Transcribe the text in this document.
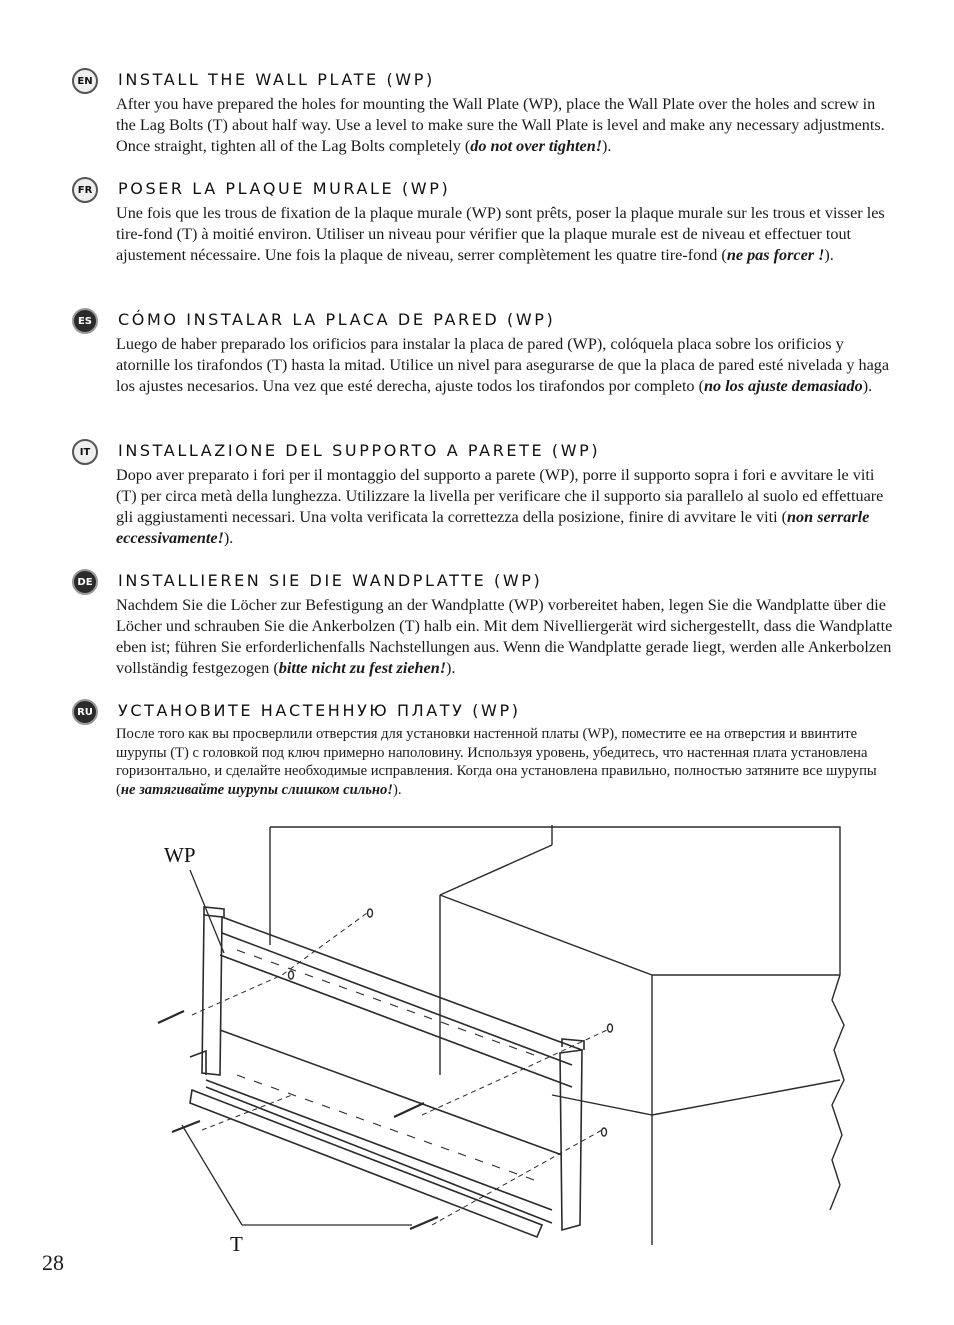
EN	INSTALL THE WALL PLATE (WP)
After you have prepared the holes for mounting the Wall Plate (WP), place the Wall Plate over the holes and screw in the Lag Bolts (T) about half way. Use a level to make sure the Wall Plate is level and make any necessary adjustments. Once straight, tighten all of the Lag Bolts completely (do not over tighten!).
FR	POSER LA PLAQUE MURALE (WP)
Une fois que les trous de fixation de la plaque murale (WP) sont prêts, poser la plaque murale sur les trous et visser les tire-fond (T) à moitié environ. Utiliser un niveau pour vérifier que la plaque murale est de niveau et effectuer tout ajustement nécessaire. Une fois la plaque de niveau, serrer complètement les quatre tire-fond (ne pas forcer !).
ES	CÓMO INSTALAR LA PLACA DE PARED (WP)
Luego de haber preparado los orificios para instalar la placa de pared (WP), colóquela placa sobre los orificios y atornille los tirafondos (T) hasta la mitad. Utilice un nivel para asegurarse de que la placa de pared esté nivelada y haga los ajustes necesarios. Una vez que esté derecha, ajuste todos los tirafondos por completo (no los ajuste demasiado).
IT	INSTALLAZIONE DEL SUPPORTO A PARETE (WP)
Dopo aver preparato i fori per il montaggio del supporto a parete (WP), porre il supporto sopra i fori e avvitare le viti (T) per circa metà della lunghezza. Utilizzare la livella per verificare che il supporto sia parallelo al suolo ed effettuare gli aggiustamenti necessari. Una volta verificata la correttezza della posizione, finire di avvitare le viti (non serrarle eccessivamente!).
DE	INSTALLIEREN SIE DIE WANDPLATTE (WP)
Nachdem Sie die Löcher zur Befestigung an der Wandplatte (WP) vorbereitet haben, legen Sie die Wandplatte über die Löcher und schrauben Sie die Ankerbolzen (T) halb ein. Mit dem Nivelliergerät wird sichergestellt, dass die Wandplatte eben ist; führen Sie erforderlichenfalls Nachstellungen aus. Wenn die Wandplatte gerade liegt, werden alle Ankerbolzen vollständig festgezogen (bitte nicht zu fest ziehen!).
RU	УСТАНОВИТЕ НАСТЕННУЮ ПЛАТУ (WP)
После того как вы просверлили отверстия для установки настенной платы (WP), поместите ее на отверстия и ввинтите шурупы (T) с головкой под ключ примерно наполовину. Используя уровень, убедитесь, что настенная плата установлена горизонтально, и сделайте необходимые исправления. Когда она установлена правильно, полностью затяните все шурупы (не затягивайте шурупы слишком сильно!).
WP
T
28
